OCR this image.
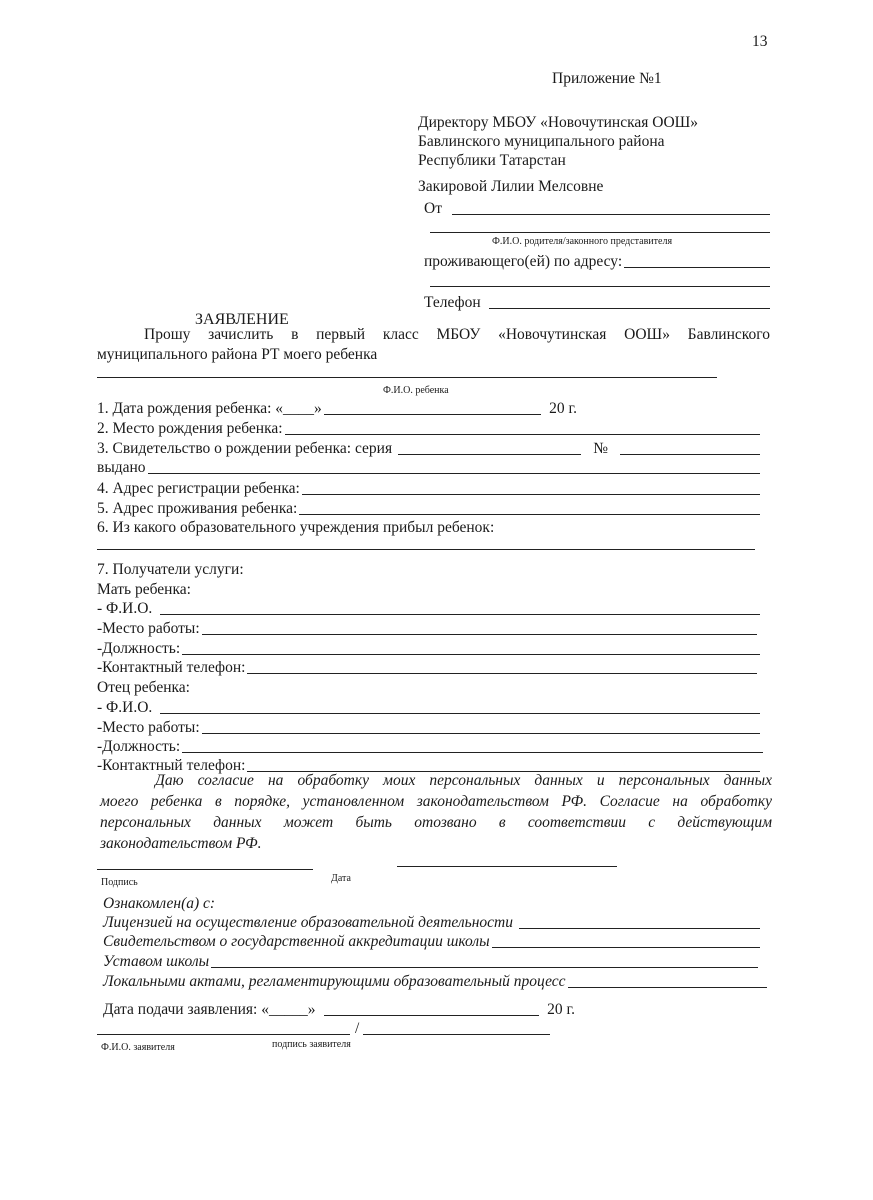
13
Приложение №1
Директору МБОУ «Новочутинская ООШ»
Бавлинского муниципального района
Республики Татарстан
Закировой Лилии Мелсовне
От
Ф.И.О. родителя/законного представителя
проживающего(ей) по адресу:
Телефон
ЗАЯВЛЕНИЕ
Прошу зачислить в первый класс МБОУ «Новочутинская ООШ» Бавлинского
муниципального района РТ моего ребенка
Ф.И.О. ребенка
1. Дата рождения ребенка: «____»	20 г.
2. Место рождения ребенка:
3. Свидетельство о рождении ребенка: серия	№
выдано
4. Адрес регистрации ребенка:
5. Адрес проживания ребенка:
6. Из какого образовательного учреждения прибыл ребенок:
7. Получатели услуги:
Мать ребенка:
- Ф.И.О.
-Место работы:
-Должность:
-Контактный телефон:
Отец ребенка:
- Ф.И.О.
-Место работы:
-Должность:
-Контактный телефон:
Даю согласие на обработку моих персональных данных и персональных данных
моего ребенка в порядке, установленном законодательством РФ. Согласие на обработку
персональных данных может быть отозвано в соответствии с действующим
законодательством РФ.
Подпись	Дата
Ознакомлен(а) с:
Лицензией на осуществление образовательной деятельности
Свидетельством о государственной аккредитации школы
Уставом школы
Локальными актами, регламентирующими образовательный процесс
Дата подачи заявления: «_____»	20 г.
/
Ф.И.О. заявителя	подпись заявителя
